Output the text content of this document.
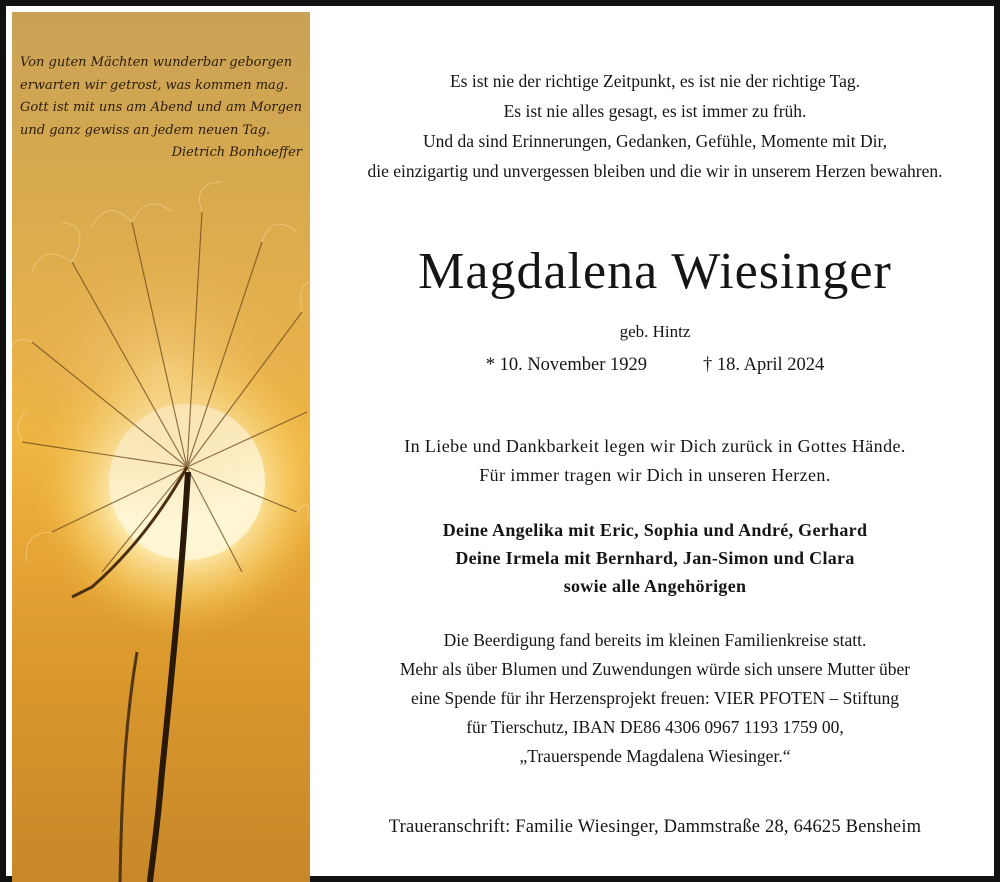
Von guten Mächten wunderbar geborgen
erwarten wir getrost, was kommen mag.
Gott ist mit uns am Abend und am Morgen
und ganz gewiss an jedem neuen Tag.
Dietrich Bonhoeffer
Es ist nie der richtige Zeitpunkt, es ist nie der richtige Tag.
Es ist nie alles gesagt, es ist immer zu früh.
Und da sind Erinnerungen, Gedanken, Gefühle, Momente mit Dir,
die einzigartig und unvergessen bleiben und die wir in unserem Herzen bewahren.
Magdalena Wiesinger
geb. Hintz
* 10. November 1929	† 18. April 2024
In Liebe und Dankbarkeit legen wir Dich zurück in Gottes Hände.
Für immer tragen wir Dich in unseren Herzen.
Deine Angelika mit Eric, Sophia und André, Gerhard
Deine Irmela mit Bernhard, Jan-Simon und Clara
sowie alle Angehörigen
Die Beerdigung fand bereits im kleinen Familienkreise statt.
Mehr als über Blumen und Zuwendungen würde sich unsere Mutter über
eine Spende für ihr Herzensprojekt freuen: VIER PFOTEN – Stiftung
für Tierschutz, IBAN DE86 4306 0967 1193 1759 00,
„Trauerspende Magdalena Wiesinger.“
Traueranschrift: Familie Wiesinger, Dammstraße 28, 64625 Bensheim
